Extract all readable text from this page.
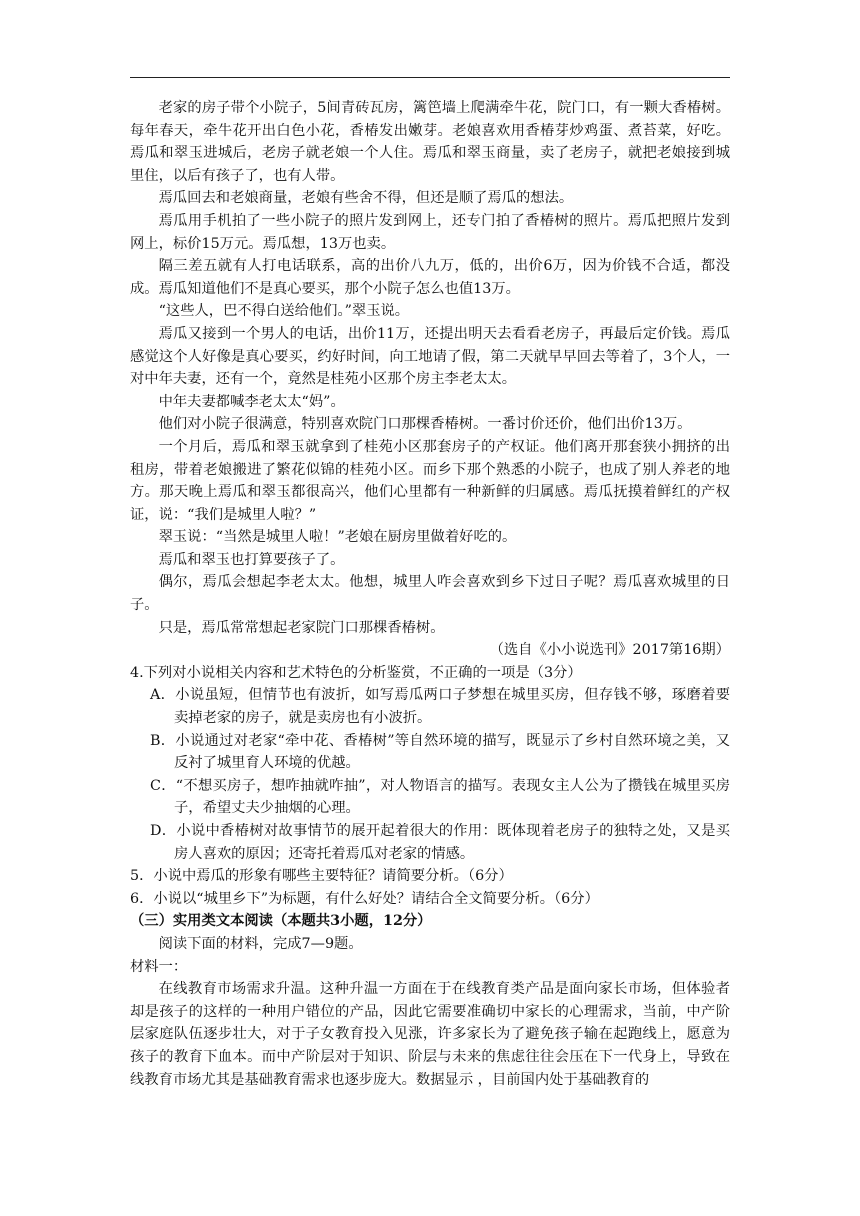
老家的房子带个小院子，5间青砖瓦房，篱笆墙上爬满牵牛花，院门口，有一颗大香椿树。每年春天，牵牛花开出白色小花，香椿发出嫩芽。老娘喜欢用香椿芽炒鸡蛋、煮苔菜，好吃。焉瓜和翠玉进城后，老房子就老娘一个人住。焉瓜和翠玉商量，卖了老房子，就把老娘接到城里住，以后有孩子了，也有人带。

焉瓜回去和老娘商量，老娘有些舍不得，但还是顺了焉瓜的想法。

焉瓜用手机拍了一些小院子的照片发到网上，还专门拍了香椿树的照片。焉瓜把照片发到网上，标价15万元。焉瓜想，13万也卖。

隔三差五就有人打电话联系，高的出价八九万，低的，出价6万，因为价钱不合适，都没成。焉瓜知道他们不是真心要买，那个小院子怎么也值13万。

“这些人，巴不得白送给他们。”翠玉说。

焉瓜又接到一个男人的电话，出价11万，还提出明天去看看老房子，再最后定价钱。焉瓜感觉这个人好像是真心要买，约好时间，向工地请了假，第二天就早早回去等着了，3个人，一对中年夫妻，还有一个，竟然是桂苑小区那个房主李老太太。

中年夫妻都喊李老太太“妈”。

他们对小院子很满意，特别喜欢院门口那棵香椿树。一番讨价还价，他们出价13万。

一个月后，焉瓜和翠玉就拿到了桂苑小区那套房子的产权证。他们离开那套狭小拥挤的出租房，带着老娘搬进了繁花似锦的桂苑小区。而乡下那个熟悉的小院子，也成了别人养老的地方。那天晚上焉瓜和翠玉都很高兴，他们心里都有一种新鲜的归属感。焉瓜抚摸着鲜红的产权证，说：“我们是城里人啦？”

翠玉说：“当然是城里人啦！”老娘在厨房里做着好吃的。

焉瓜和翠玉也打算要孩子了。

偶尔，焉瓜会想起李老太太。他想，城里人咋会喜欢到乡下过日子呢？焉瓜喜欢城里的日子。

只是，焉瓜常常想起老家院门口那棵香椿树。

（选自《小小说选刊》2017第16期）

4.下列对小说相关内容和艺术特色的分析鉴赏，不正确的一项是（3分）

A．小说虽短，但情节也有波折，如写焉瓜两口子梦想在城里买房，但存钱不够，琢磨着要卖掉老家的房子，就是卖房也有小波折。

B．小说通过对老家“牵中花、香椿树”等自然环境的描写，既显示了乡村自然环境之美，又反衬了城里育人环境的优越。

C．“不想买房子，想咋抽就咋抽”，对人物语言的描写。表现女主人公为了攒钱在城里买房子，希望丈夫少抽烟的心理。

D．小说中香椿树对故事情节的展开起着很大的作用：既体现着老房子的独特之处，又是买房人喜欢的原因；还寄托着焉瓜对老家的情感。

5．小说中焉瓜的形象有哪些主要特征？请简要分析。（6分）

6．小说以“城里乡下”为标题，有什么好处？请结合全文简要分析。（6分）

（三）实用类文本阅读（本题共3小题，12分）

阅读下面的材料，完成7—9题。

材料一：

在线教育市场需求升温。这种升温一方面在于在线教育类产品是面向家长市场，但体验者却是孩子的这样的一种用户错位的产品，因此它需要准确切中家长的心理需求，当前，中产阶层家庭队伍逐步壮大，对于子女教育投入见涨，许多家长为了避免孩子输在起跑线上，愿意为孩子的教育下血本。而中产阶层对于知识、阶层与未来的焦虑往往会压在下一代身上，导致在线教育市场尤其是基础教育需求也逐步庞大。数据显示 ，目前国内处于基础教育的
